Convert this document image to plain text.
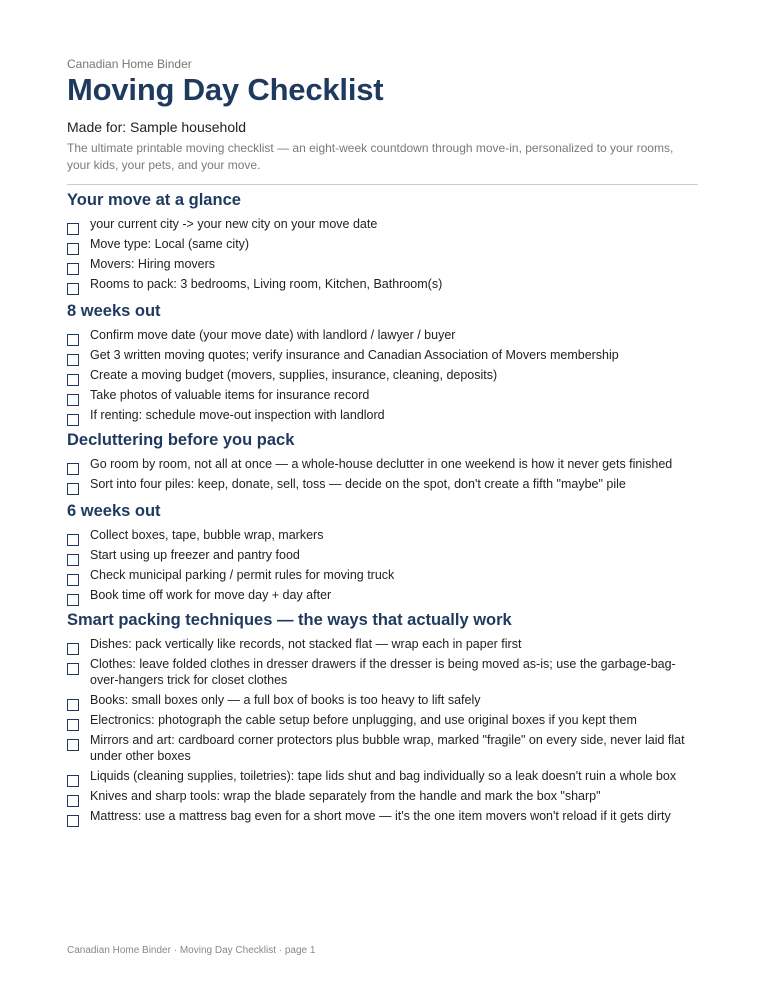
Canadian Home Binder
Moving Day Checklist
Made for: Sample household
The ultimate printable moving checklist — an eight-week countdown through move-in, personalized to your rooms, your kids, your pets, and your move.
Your move at a glance
your current city -> your new city on your move date
Move type: Local (same city)
Movers: Hiring movers
Rooms to pack: 3 bedrooms, Living room, Kitchen, Bathroom(s)
8 weeks out
Confirm move date (your move date) with landlord / lawyer / buyer
Get 3 written moving quotes; verify insurance and Canadian Association of Movers membership
Create a moving budget (movers, supplies, insurance, cleaning, deposits)
Take photos of valuable items for insurance record
If renting: schedule move-out inspection with landlord
Decluttering before you pack
Go room by room, not all at once — a whole-house declutter in one weekend is how it never gets finished
Sort into four piles: keep, donate, sell, toss — decide on the spot, don't create a fifth "maybe" pile
6 weeks out
Collect boxes, tape, bubble wrap, markers
Start using up freezer and pantry food
Check municipal parking / permit rules for moving truck
Book time off work for move day + day after
Smart packing techniques — the ways that actually work
Dishes: pack vertically like records, not stacked flat — wrap each in paper first
Clothes: leave folded clothes in dresser drawers if the dresser is being moved as-is; use the garbage-bag-over-hangers trick for closet clothes
Books: small boxes only — a full box of books is too heavy to lift safely
Electronics: photograph the cable setup before unplugging, and use original boxes if you kept them
Mirrors and art: cardboard corner protectors plus bubble wrap, marked "fragile" on every side, never laid flat under other boxes
Liquids (cleaning supplies, toiletries): tape lids shut and bag individually so a leak doesn't ruin a whole box
Knives and sharp tools: wrap the blade separately from the handle and mark the box "sharp"
Mattress: use a mattress bag even for a short move — it's the one item movers won't reload if it gets dirty
Canadian Home Binder · Moving Day Checklist · page 1
